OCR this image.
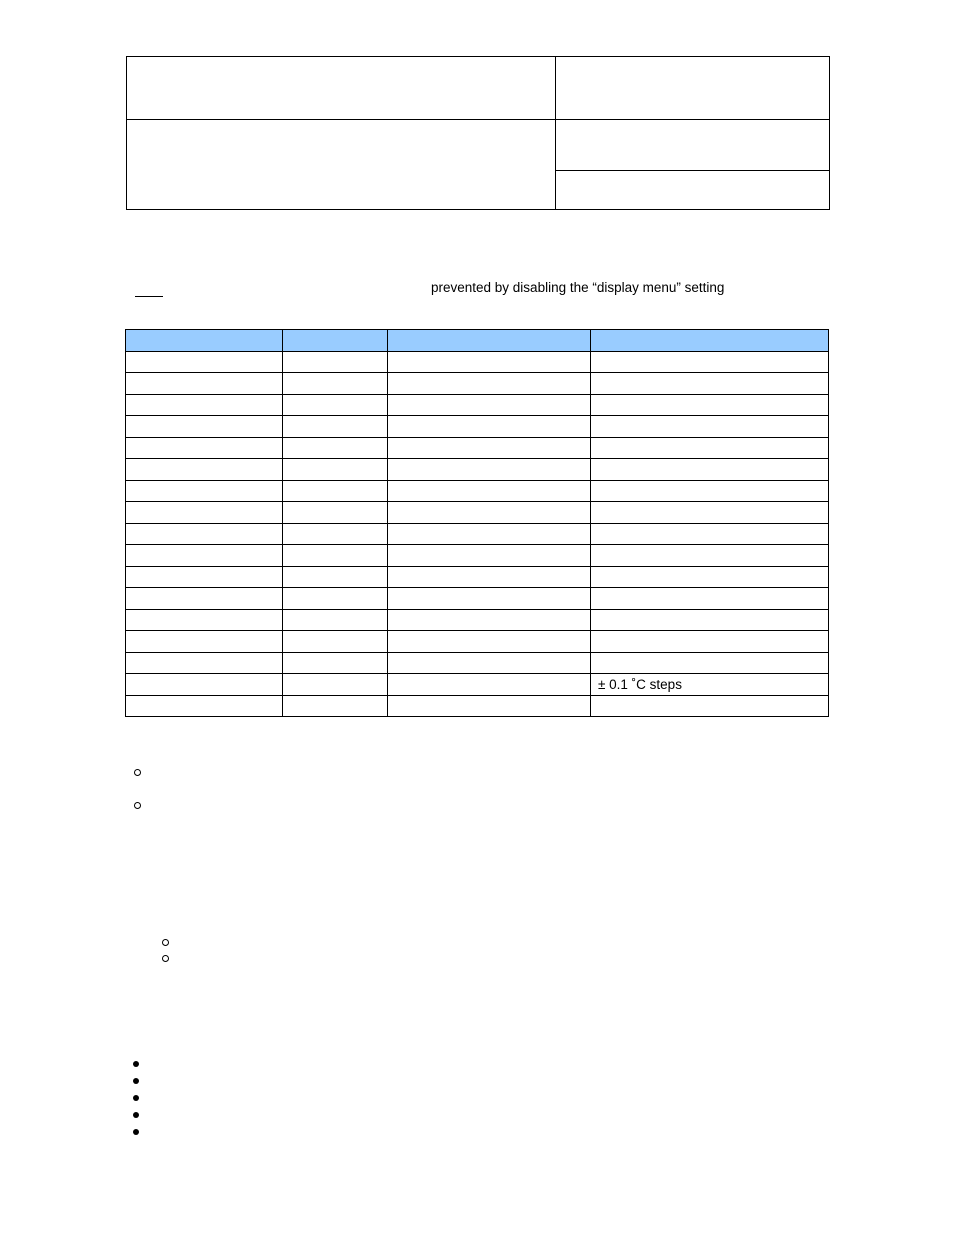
prevented by disabling the “display menu” setting

			± 0.1 ˚C steps
